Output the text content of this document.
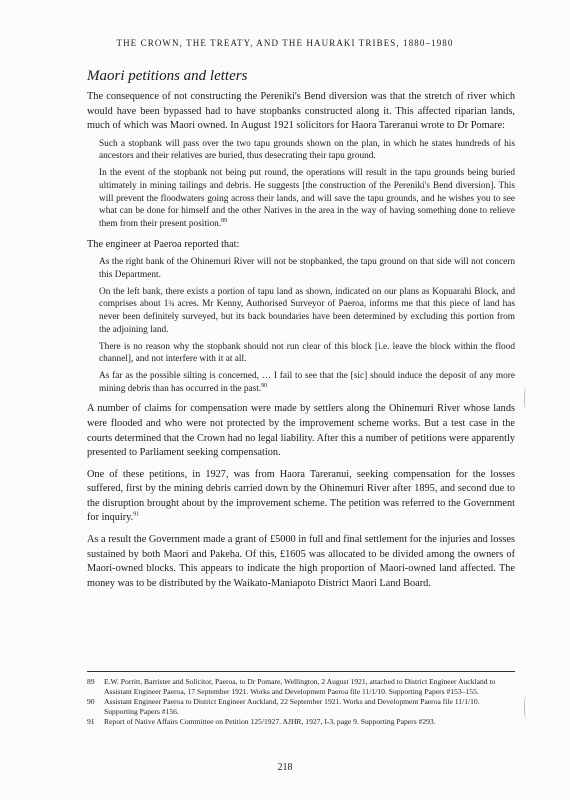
THE CROWN, THE TREATY, AND THE HAURAKI TRIBES, 1880–1980
Maori petitions and letters

The consequence of not constructing the Pereniki's Bend diversion was that the stretch of river which would have been bypassed had to have stopbanks constructed along it. This affected riparian lands, much of which was Maori owned. In August 1921 solicitors for Haora Tareranui wrote to Dr Pomare:

Such a stopbank will pass over the two tapu grounds shown on the plan, in which he states hundreds of his ancestors and their relatives are buried, thus desecrating their tapu ground.

In the event of the stopbank not being put round, the operations will result in the tapu grounds being buried ultimately in mining tailings and debris. He suggests [the construction of the Pereniki's Bend diversion]. This will prevent the floodwaters going across their lands, and will save the tapu grounds, and he wishes you to see what can be done for himself and the other Natives in the area in the way of having something done to relieve them from their present position.$^{89}$

The engineer at Paeroa reported that:

As the right bank of the Ohinemuri River will not be stopbanked, the tapu ground on that side will not concern this Department.

On the left bank, there exists a portion of tapu land as shown, indicated on our plans as Kopuarahi Block, and comprises about 1¾ acres. Mr Kenny, Authorised Surveyor of Paeroa, informs me that this piece of land has never been definitely surveyed, but its back boundaries have been determined by excluding this portion from the adjoining land.

There is no reason why the stopbank should not run clear of this block [i.e. leave the block within the flood channel], and not interfere with it at all.

As far as the possible silting is concerned, … I fail to see that the [sic] should induce the deposit of any more mining debris than has occurred in the past.$^{90}$

A number of claims for compensation were made by settlers along the Ohinemuri River whose lands were flooded and who were not protected by the improvement scheme works. But a test case in the courts determined that the Crown had no legal liability. After this a number of petitions were apparently presented to Parliament seeking compensation.

One of these petitions, in 1927, was from Haora Tareranui, seeking compensation for the losses suffered, first by the mining debris carried down by the Ohinemuri River after 1895, and second due to the disruption brought about by the improvement scheme. The petition was referred to the Government for inquiry.$^{91}$

As a result the Government made a grant of £5000 in full and final settlement for the injuries and losses sustained by both Maori and Pakeha. Of this, £1605 was allocated to be divided among the owners of Maori-owned blocks. This appears to indicate the high proportion of Maori-owned land affected. The money was to be distributed by the Waikato-Maniapoto District Maori Land Board.

89	E.W. Porritt, Barrister and Solicitor, Paeroa, to Dr Pomare, Wellington, 2 August 1921, attached to District Engineer Auckland to Assistant Engineer Paeroa, 17 September 1921. Works and Development Paeroa file 11/1/10. Supporting Papers #153–155.
90	Assistant Engineer Paeroa to District Engineer Auckland, 22 September 1921. Works and Development Paeroa file 11/1/10. Supporting Papers #156.
91	Report of Native Affairs Committee on Petition 125/1927. AJHR, 1927, I-3, page 9. Supporting Papers #293.
218
